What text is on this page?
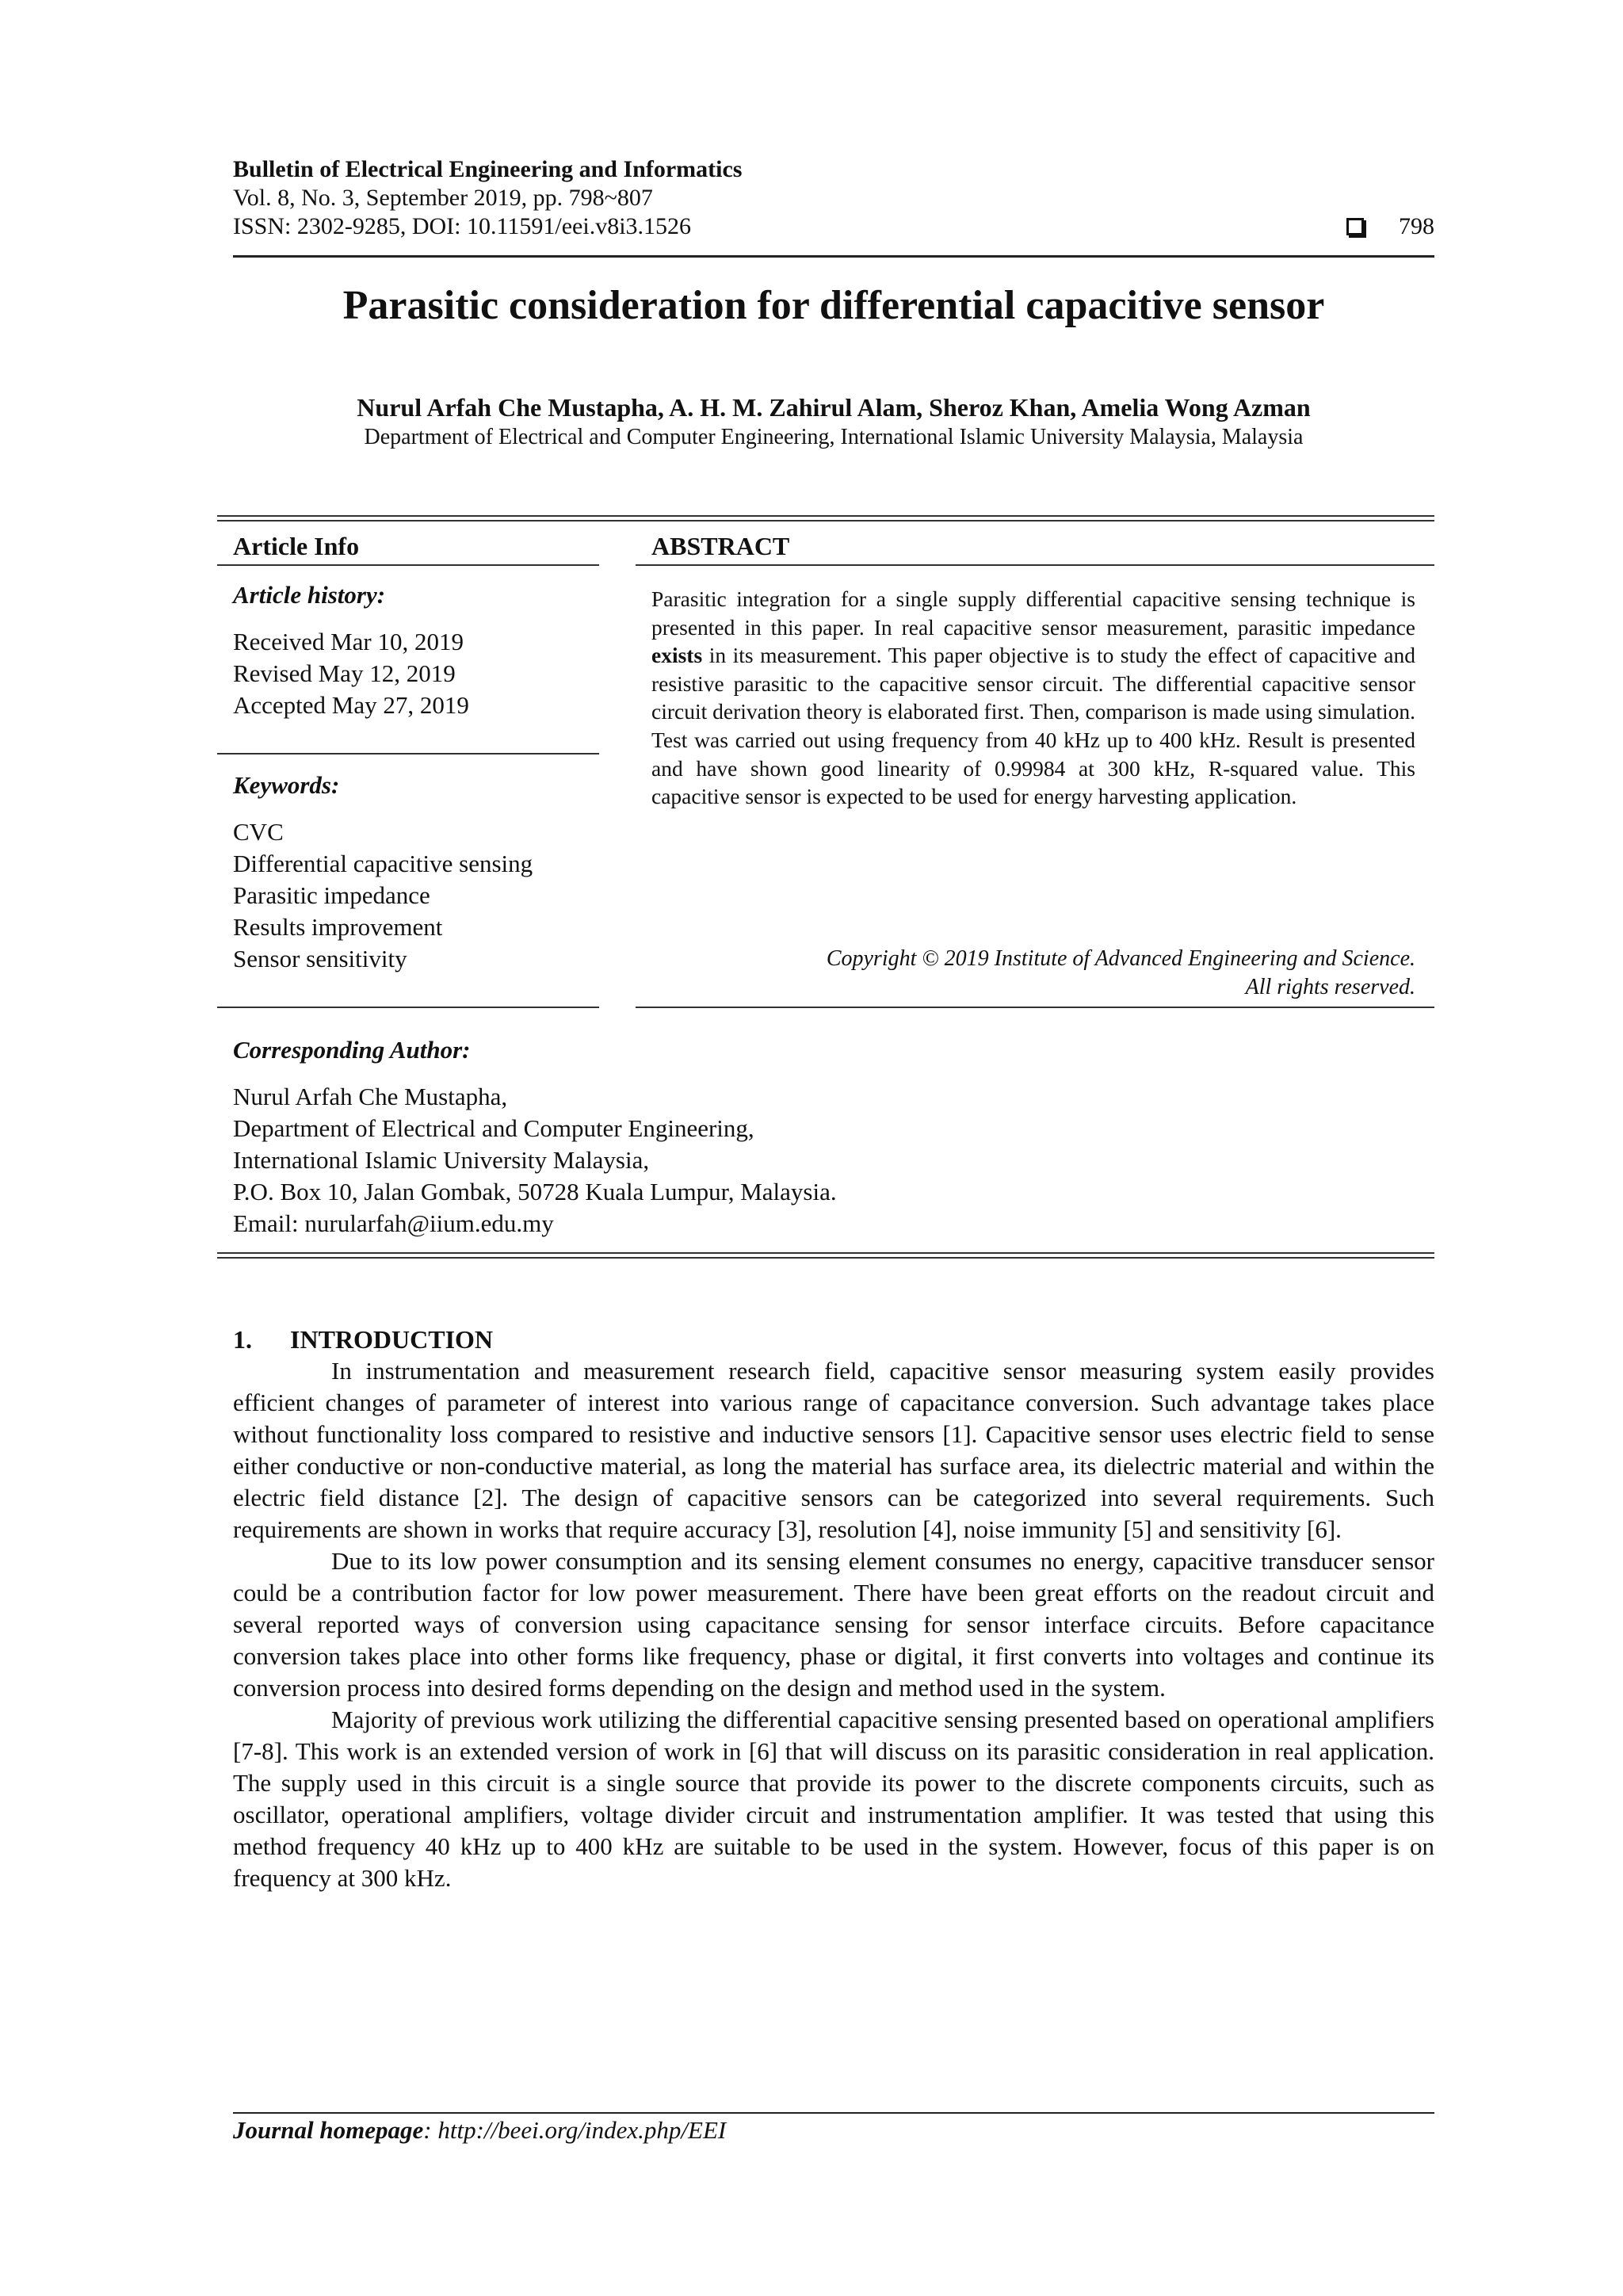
Bulletin of Electrical Engineering and Informatics
Vol. 8, No. 3, September 2019, pp. 798~807
ISSN: 2302-9285, DOI: 10.11591/eei.v8i3.1526	798
Parasitic consideration for differential capacitive sensor
Nurul Arfah Che Mustapha, A. H. M. Zahirul Alam, Sheroz Khan, Amelia Wong Azman
Department of Electrical and Computer Engineering, International Islamic University Malaysia, Malaysia
Article Info
Article history:
Received Mar 10, 2019
Revised May 12, 2019
Accepted May 27, 2019
Keywords:
CVC
Differential capacitive sensing
Parasitic impedance
Results improvement
Sensor sensitivity
ABSTRACT
Parasitic integration for a single supply differential capacitive sensing technique is presented in this paper. In real capacitive sensor measurement, parasitic impedance exists in its measurement. This paper objective is to study the effect of capacitive and resistive parasitic to the capacitive sensor circuit. The differential capacitive sensor circuit derivation theory is elaborated first. Then, comparison is made using simulation. Test was carried out using frequency from 40 kHz up to 400 kHz. Result is presented and have shown good linearity of 0.99984 at 300 kHz, R-squared value. This capacitive sensor is expected to be used for energy harvesting application.
Copyright © 2019 Institute of Advanced Engineering and Science.
All rights reserved.
Corresponding Author:
Nurul Arfah Che Mustapha,
Department of Electrical and Computer Engineering,
International Islamic University Malaysia,
P.O. Box 10, Jalan Gombak, 50728 Kuala Lumpur, Malaysia.
Email: nurularfah@iium.edu.my
1. INTRODUCTION

In instrumentation and measurement research field, capacitive sensor measuring system easily provides efficient changes of parameter of interest into various range of capacitance conversion. Such advantage takes place without functionality loss compared to resistive and inductive sensors [1]. Capacitive sensor uses electric field to sense either conductive or non-conductive material, as long the material has surface area, its dielectric material and within the electric field distance [2]. The design of capacitive sensors can be categorized into several requirements. Such requirements are shown in works that require accuracy [3], resolution [4], noise immunity [5] and sensitivity [6].

Due to its low power consumption and its sensing element consumes no energy, capacitive transducer sensor could be a contribution factor for low power measurement. There have been great efforts on the readout circuit and several reported ways of conversion using capacitance sensing for sensor interface circuits. Before capacitance conversion takes place into other forms like frequency, phase or digital, it first converts into voltages and continue its conversion process into desired forms depending on the design and method used in the system.

Majority of previous work utilizing the differential capacitive sensing presented based on operational amplifiers [7-8]. This work is an extended version of work in [6] that will discuss on its parasitic consideration in real application. The supply used in this circuit is a single source that provide its power to the discrete components circuits, such as oscillator, operational amplifiers, voltage divider circuit and instrumentation amplifier. It was tested that using this method frequency 40 kHz up to 400 kHz are suitable to be used in the system. However, focus of this paper is on frequency at 300 kHz.

Journal homepage: http://beei.org/index.php/EEI
